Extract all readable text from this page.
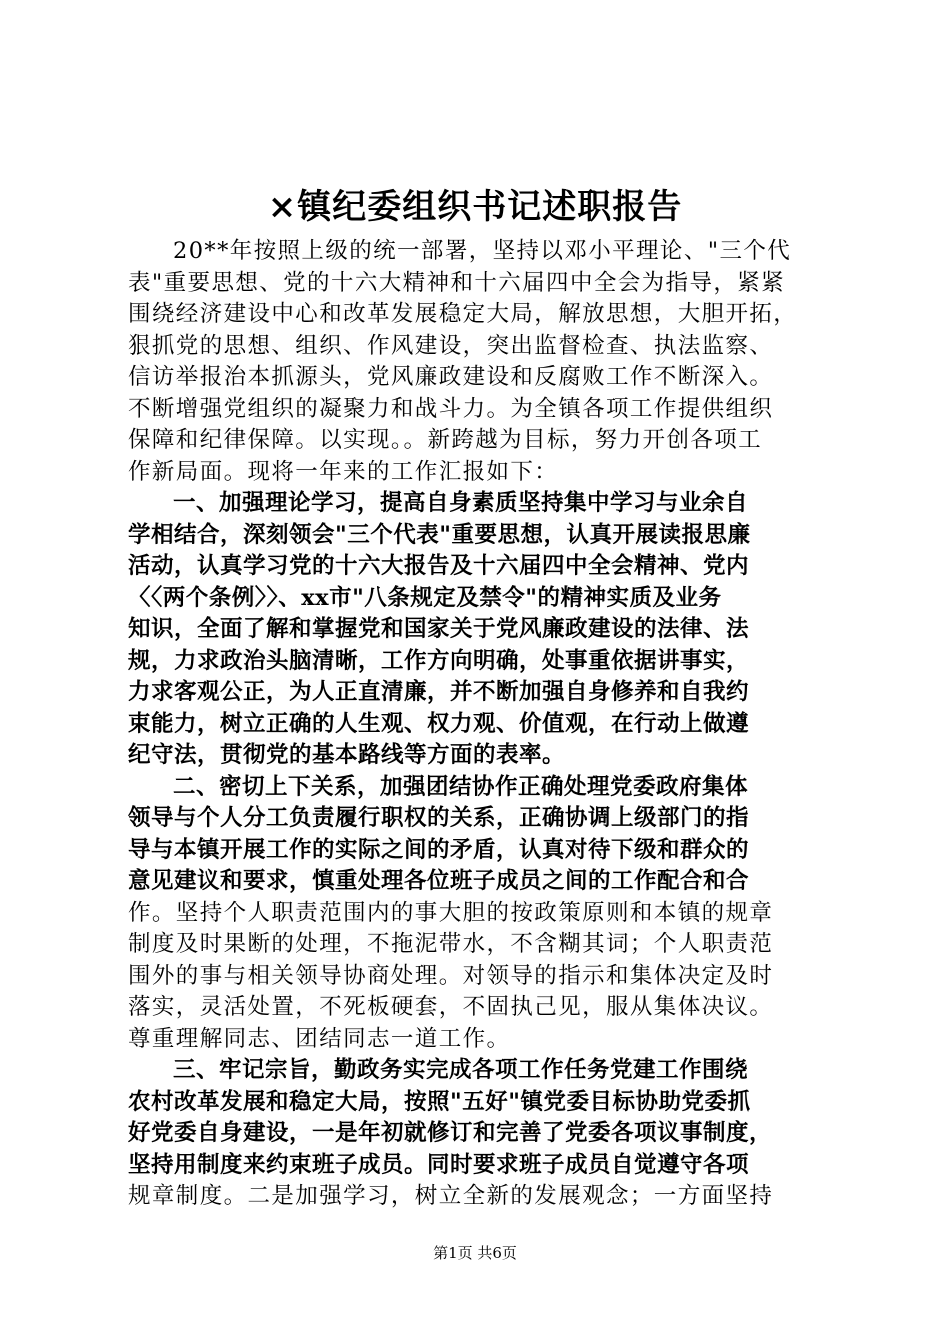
×镇纪委组织书记述职报告
20**年按照上级的统一部署，坚持以邓小平理论、"三个代
表"重要思想、党的十六大精神和十六届四中全会为指导，紧紧
围绕经济建设中心和改革发展稳定大局，解放思想，大胆开拓，
狠抓党的思想、组织、作风建设，突出监督检查、执法监察、
信访举报治本抓源头，党风廉政建设和反腐败工作不断深入。
不断增强党组织的凝聚力和战斗力。为全镇各项工作提供组织
保障和纪律保障。以实现。。新跨越为目标，努力开创各项工
作新局面。现将一年来的工作汇报如下：
一、加强理论学习，提高自身素质坚持集中学习与业余自
学相结合，深刻领会"三个代表"重要思想，认真开展读报思廉
活动，认真学习党的十六大报告及十六届四中全会精神、党内
〈〈两个条例〉〉、xx市"八条规定及禁令"的精神实质及业务
知识，全面了解和掌握党和国家关于党风廉政建设的法律、法
规，力求政治头脑清晰，工作方向明确，处事重依据讲事实，
力求客观公正，为人正直清廉，并不断加强自身修养和自我约
束能力，树立正确的人生观、权力观、价值观，在行动上做遵
纪守法，贯彻党的基本路线等方面的表率。
二、密切上下关系，加强团结协作正确处理党委政府集体
领导与个人分工负责履行职权的关系，正确协调上级部门的指
导与本镇开展工作的实际之间的矛盾，认真对待下级和群众的
意见建议和要求，慎重处理各位班子成员之间的工作配合和合
作。坚持个人职责范围内的事大胆的按政策原则和本镇的规章
制度及时果断的处理，不拖泥带水，不含糊其词；个人职责范
围外的事与相关领导协商处理。对领导的指示和集体决定及时
落实，灵活处置，不死板硬套，不固执己见，服从集体决议。
尊重理解同志、团结同志一道工作。
三、牢记宗旨，勤政务实完成各项工作任务党建工作围绕
农村改革发展和稳定大局，按照"五好"镇党委目标协助党委抓
好党委自身建设，一是年初就修订和完善了党委各项议事制度，
坚持用制度来约束班子成员。同时要求班子成员自觉遵守各项
规章制度。二是加强学习，树立全新的发展观念；一方面坚持
第1页 共6页
